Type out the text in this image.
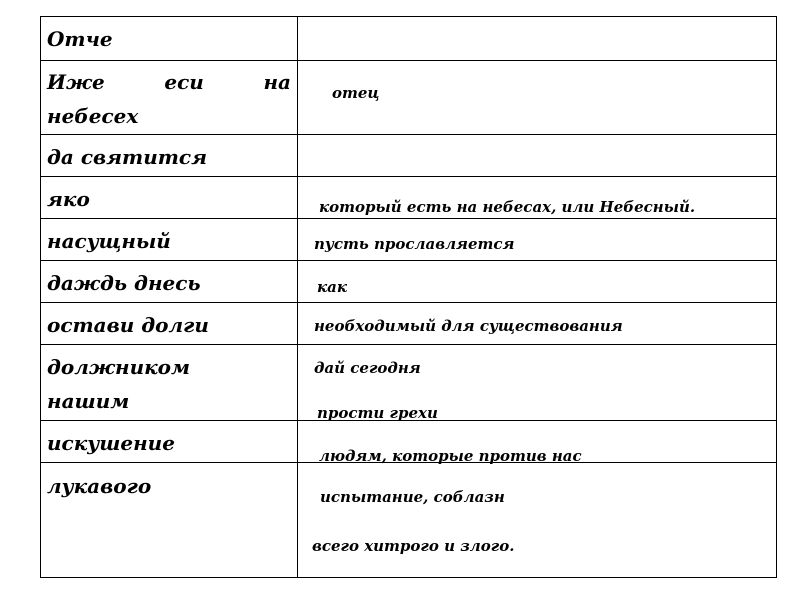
Отче
Иже	еси	на
небесех
да святится
яко
насущный
даждь днесь
остави долги
должником
нашим
искушение
лукавого
отец
который есть на небесах, или Небесный.
пусть прославляется
как
необходимый для существования
дай сегодня
прости грехи
людям, которые против нас
испытание, соблазн
всего хитрого и злого.
